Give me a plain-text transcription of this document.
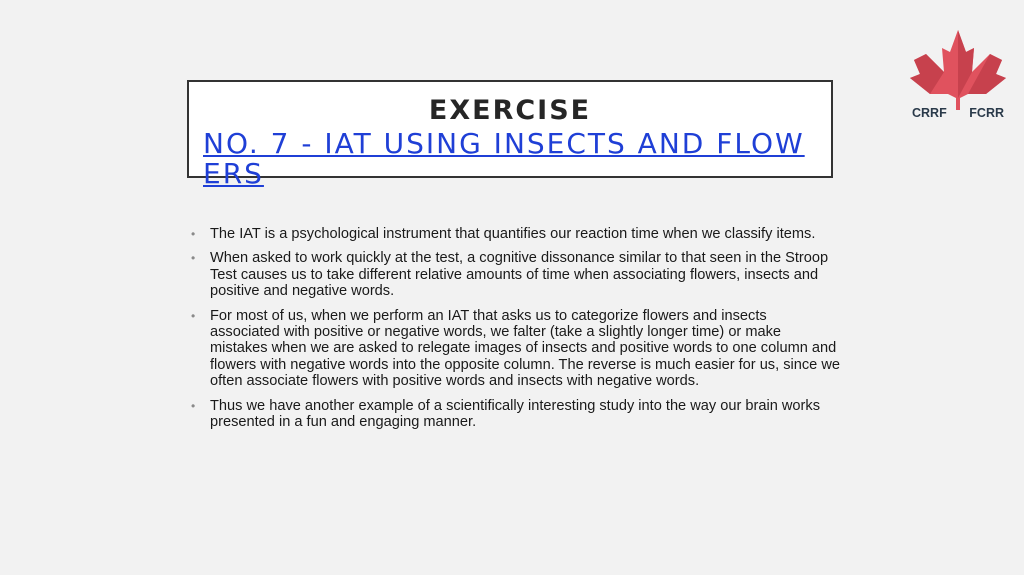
EXERCISE
NO. 7 - IAT USING INSECTS AND FLOWERS
• The IAT is a psychological instrument that quantifies our reaction time when we classify items.
• When asked to work quickly at the test, a cognitive dissonance similar to that seen in the Stroop Test causes us to take different relative amounts of time when associating flowers, insects and positive and negative words.
• For most of us, when we perform an IAT that asks us to categorize flowers and insects associated with positive or negative words, we falter (take a slightly longer time) or make mistakes when we are asked to relegate images of insects and positive words to one column and flowers with negative words into the opposite column. The reverse is much easier for us, since we often associate flowers with positive words and insects with negative words.
• Thus we have another example of a scientifically interesting study into the way our brain works presented in a fun and engaging manner.
CRRF FCRR
